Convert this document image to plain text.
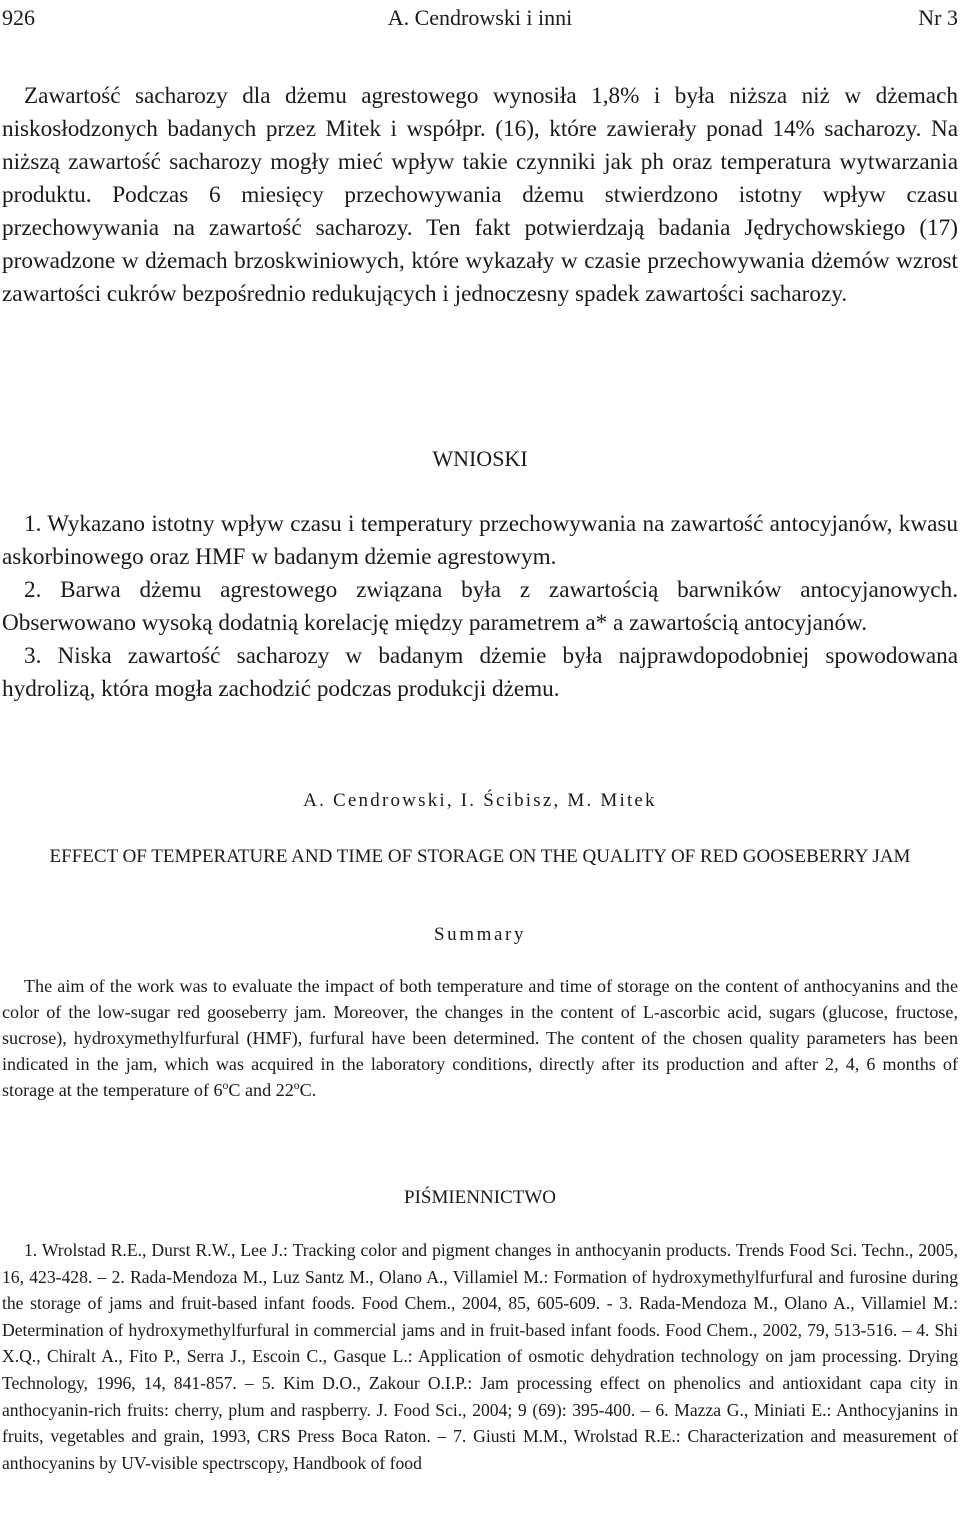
926	A. Cendrowski i inni	Nr 3

Zawartość sacharozy dla dżemu agrestowego wynosiła 1,8% i była niższa niż w dżemach niskosłodzonych badanych przez Mitek i współpr. (16), które zawierały ponad 14% sacharozy. Na niższą zawartość sacharozy mogły mieć wpływ takie czynniki jak ph oraz temperatura wytwarzania produktu. Podczas 6 miesięcy przechowywania dżemu stwierdzono istotny wpływ czasu przechowywania na zawartość sacharozy. Ten fakt potwierdzają badania Jędrychowskiego (17) prowadzone w dżemach brzoskwiniowych, które wykazały w czasie przechowywania dżemów wzrost zawartości cukrów bezpośrednio redukujących i jednoczesny spadek zawartości sacharozy.

WNIOSKI

1. Wykazano istotny wpływ czasu i temperatury przechowywania na zawartość antocyjanów, kwasu askorbinowego oraz HMF w badanym dżemie agrestowym.

2. Barwa dżemu agrestowego związana była z zawartością barwników antocyjanowych. Obserwowano wysoką dodatnią korelację między parametrem a* a zawartością antocyjanów.

3. Niska zawartość sacharozy w badanym dżemie była najprawdopodobniej spowodowana hydrolizą, która mogła zachodzić podczas produkcji dżemu.

A. Cendrowski, I. Ścibisz, M. Mitek
EFFECT OF TEMPERATURE AND TIME OF STORAGE ON THE QUALITY OF RED GOOSEBERRY JAM
Summary

The aim of the work was to evaluate the impact of both temperature and time of storage on the content of anthocyanins and the color of the low-sugar red gooseberry jam. Moreover, the changes in the content of L-ascorbic acid, sugars (glucose, fructose, sucrose), hydroxymethylfurfural (HMF), furfural have been determined. The content of the chosen quality parameters has been indicated in the jam, which was acquired in the laboratory conditions, directly after its production and after 2, 4, 6 months of storage at the temperature of 6$^o$C and 22$^o$C.

PIŚMIENNICTWO

1. Wrolstad R.E., Durst R.W., Lee J.: Tracking color and pigment changes in anthocyanin products. Trends Food Sci. Techn., 2005, 16, 423-428. – 2. Rada-Mendoza M., Luz Santz M., Olano A., Villamiel M.: Formation of hydroxymethylfurfural and furosine during the storage of jams and fruit-based infant foods. Food Chem., 2004, 85, 605-609. - 3. Rada-Mendoza M., Olano A., Villamiel M.: Determination of hydroxymethylfurfural in commercial jams and in fruit-based infant foods. Food Chem., 2002, 79, 513-516. – 4. Shi X.Q., Chiralt A., Fito P., Serra J., Escoin C., Gasque L.: Application of osmotic dehydration technology on jam processing. Drying Technology, 1996, 14, 841-857. – 5. Kim D.O., Zakour O.I.P.: Jam processing effect on phenolics and antioxidant capa city in anthocyanin-rich fruits: cherry, plum and raspberry. J. Food Sci., 2004; 9 (69): 395-400. – 6. Mazza G., Miniati E.: Anthocyjanins in fruits, vegetables and grain, 1993, CRS Press Boca Raton. – 7. Giusti M.M., Wrolstad R.E.: Characterization and measurement of anthocyanins by UV-visible spectrscopy, Handbook of food
